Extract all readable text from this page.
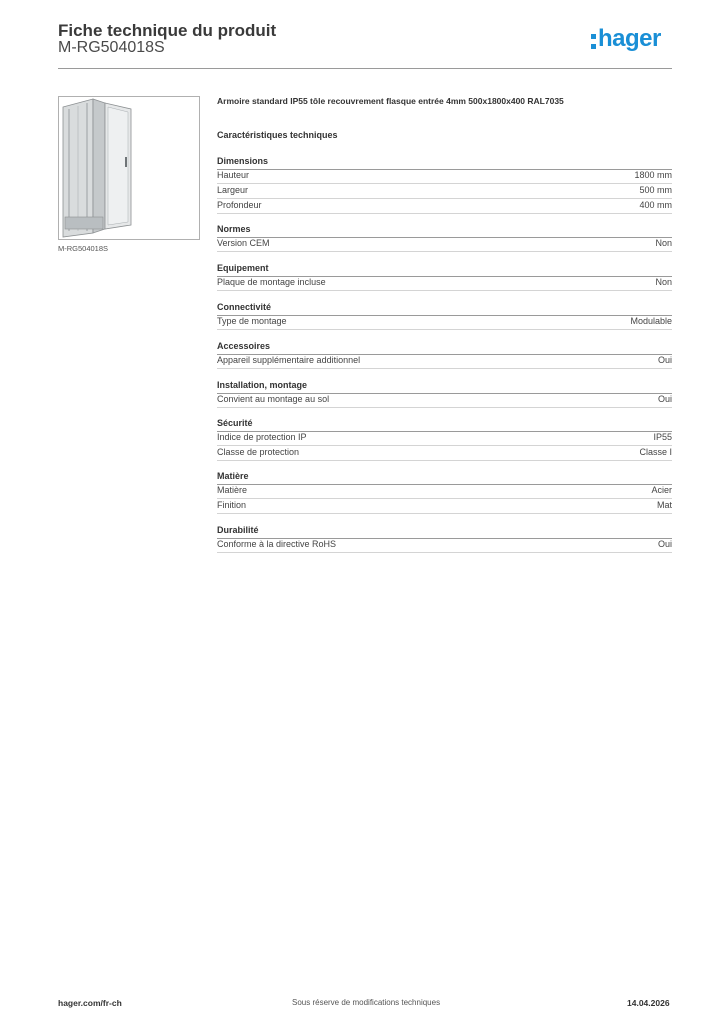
Fiche technique du produit
M-RG504018S	hager
M-RG504018S
Armoire standard IP55 tôle recouvrement flasque entrée 4mm 500x1800x400 RAL7035
Caractéristiques techniques
Dimensions
Hauteur	1800 mm
Largeur	500 mm
Profondeur	400 mm
Normes
Version CEM	Non
Equipement
Plaque de montage incluse	Non
Connectivité
Type de montage	Modulable
Accessoires
Appareil supplémentaire additionnel	Oui
Installation, montage
Convient au montage au sol	Oui
Sécurité
Indice de protection IP	IP55
Classe de protection	Classe I
Matière
Matière	Acier
Finition	Mat
Durabilité
Conforme à la directive RoHS	Oui
hager.com/fr-ch	Sous réserve de modifications techniques	14.04.2026
